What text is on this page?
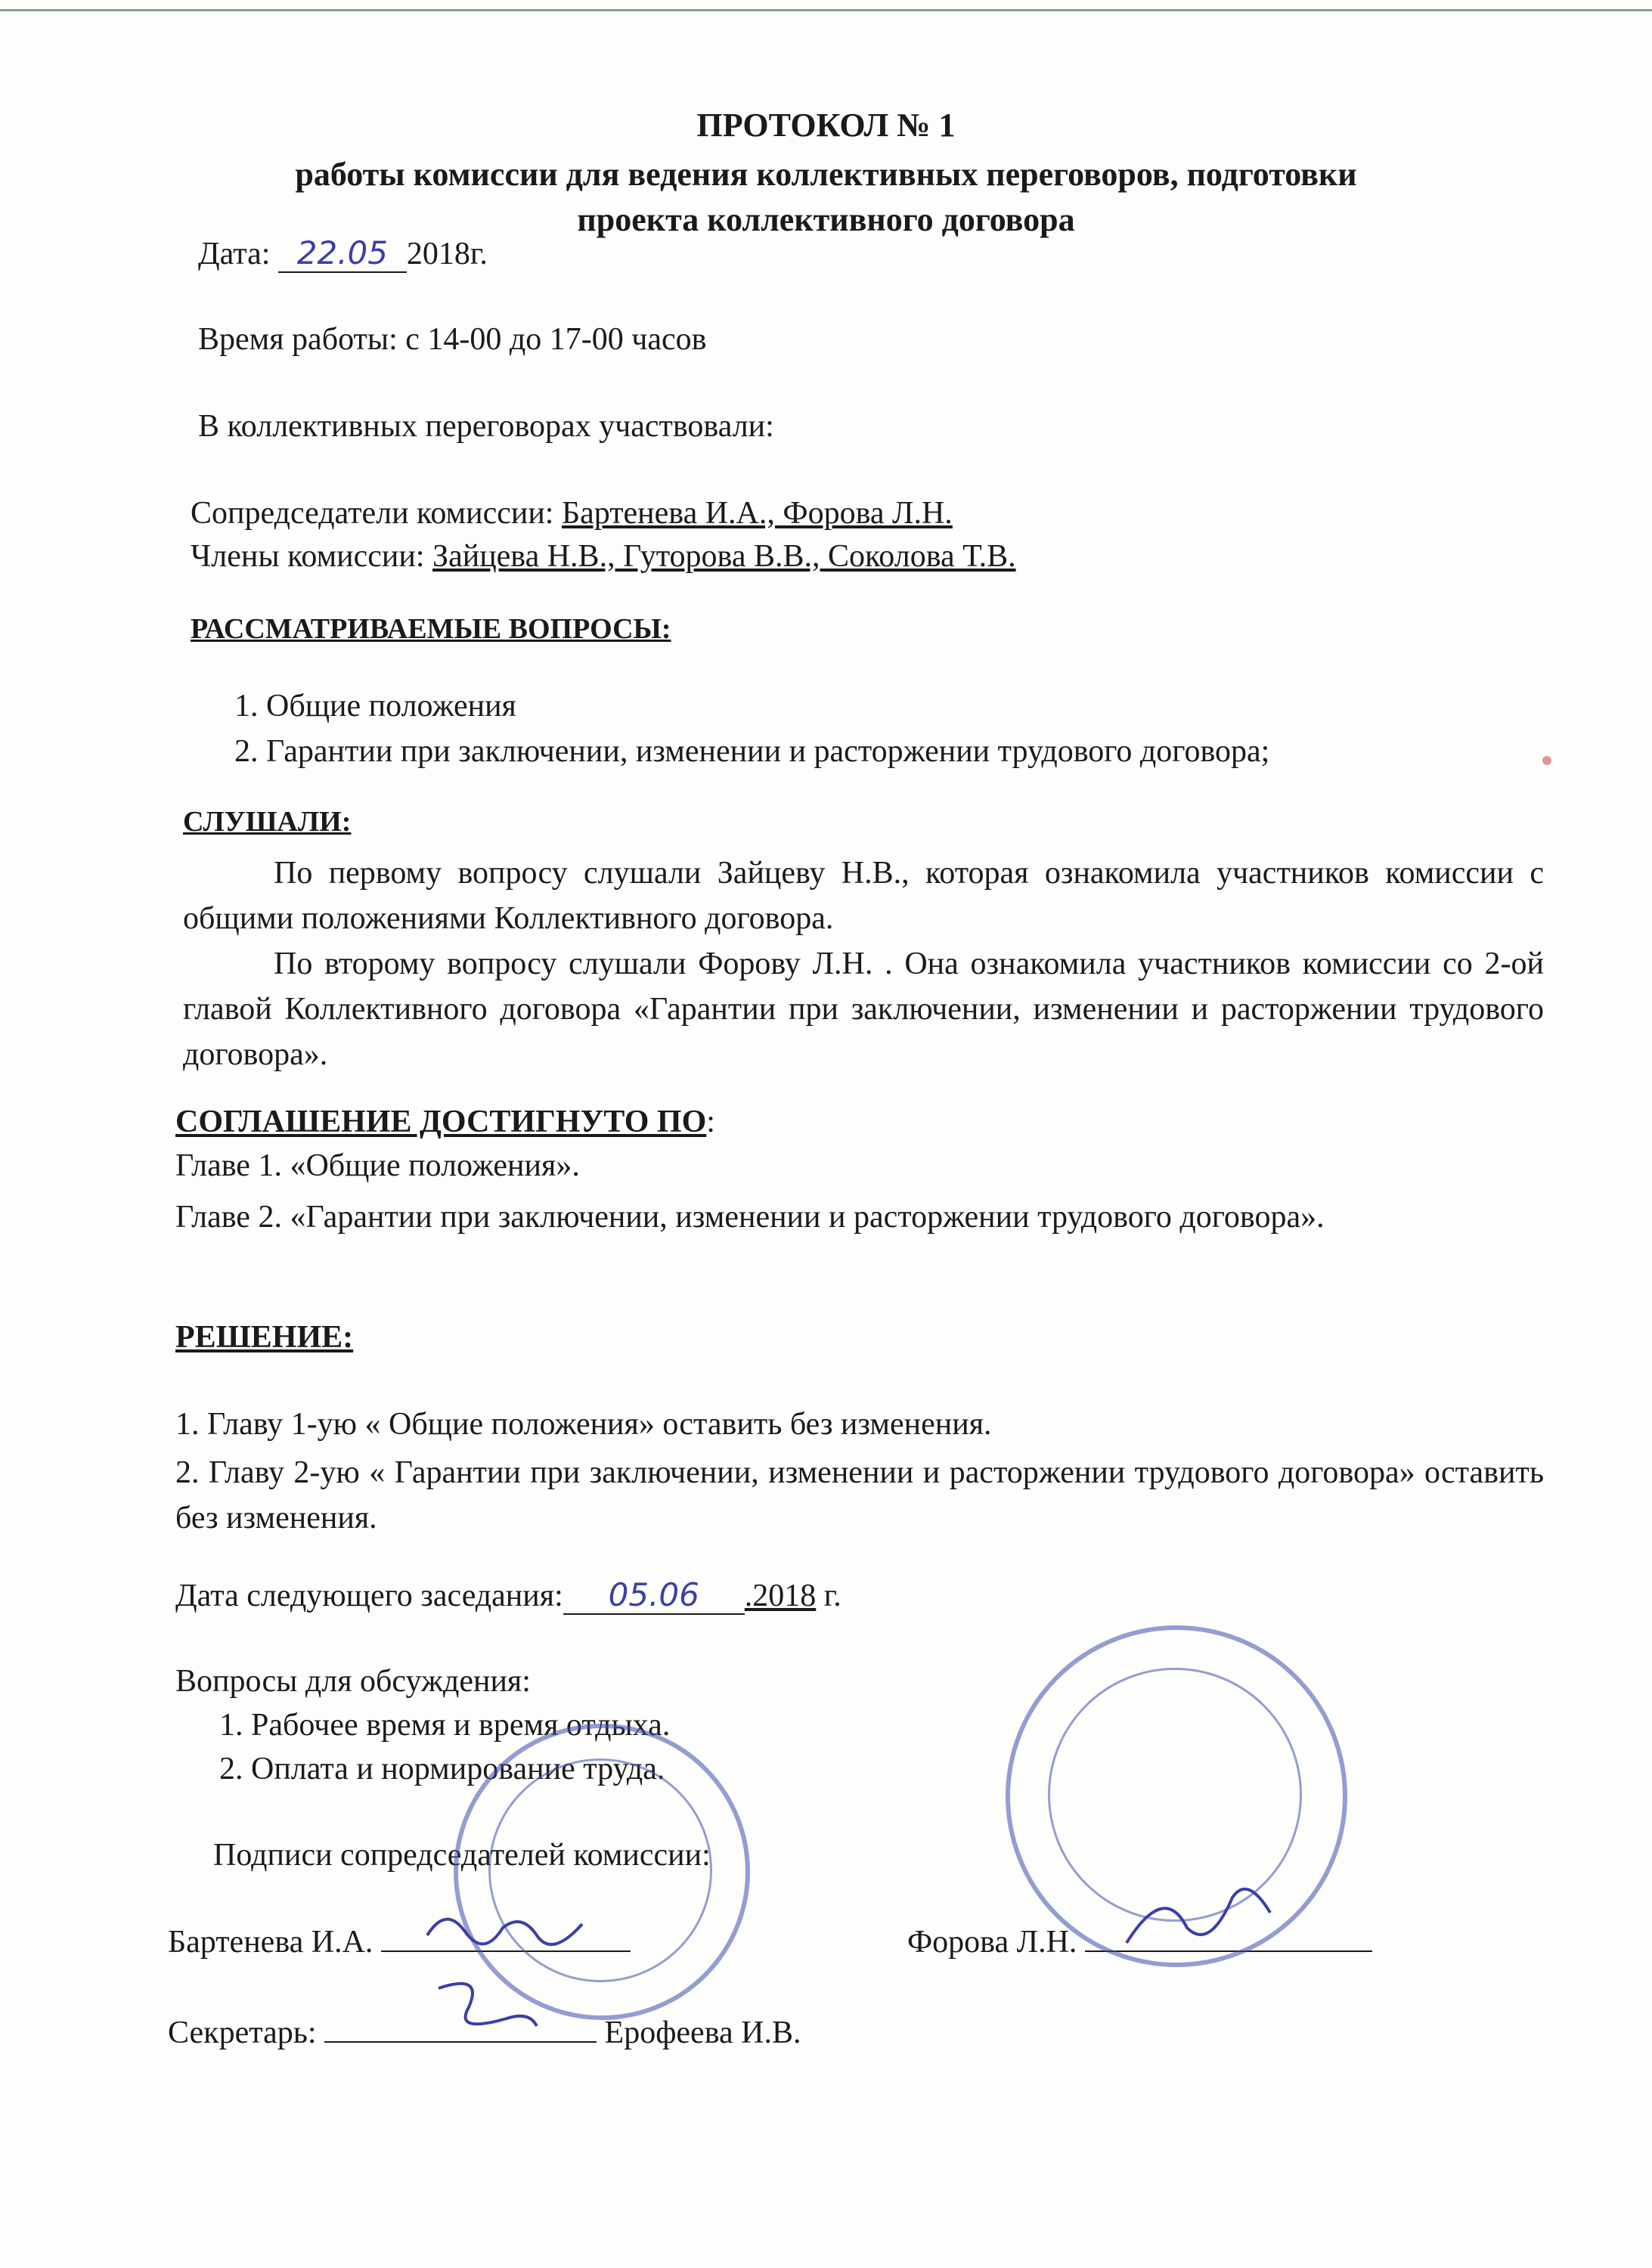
ПРОТОКОЛ № 1
работы комиссии для ведения коллективных переговоров, подготовки
проекта коллективного договора
Дата: 22.05 2018г.
Время работы: с 14-00 до 17-00 часов
В коллективных переговорах участвовали:
Сопредседатели комиссии: Бартенева И.А., Форова Л.Н.
Члены комиссии: Зайцева Н.В., Гуторова В.В., Соколова Т.В.
РАССМАТРИВАЕМЫЕ ВОПРОСЫ:
1. Общие положения
2. Гарантии при заключении, изменении и расторжении трудового договора;
СЛУШАЛИ:
По первому вопросу слушали Зайцеву Н.В., которая ознакомила участников комиссии с общими положениями Коллективного договора.
По второму вопросу слушали Форову Л.Н. . Она ознакомила участников комиссии со 2-ой главой Коллективного договора «Гарантии при заключении, изменении и расторжении трудового договора».
СОГЛАШЕНИЕ ДОСТИГНУТО ПО:
Главе 1. «Общие положения».
Главе 2. «Гарантии при заключении, изменении и расторжении трудового договора».
РЕШЕНИЕ:
1. Главу 1-ую « Общие положения» оставить без изменения.
2. Главу 2-ую « Гарантии при заключении, изменении и расторжении трудового договора» оставить без изменения.
Дата следующего заседания: 05.06 .2018 г.
Вопросы для обсуждения:
1. Рабочее время и время отдыха.
2. Оплата и нормирование труда.
Подписи сопредседателей комиссии:
Бартенева И.А.	Форова Л.Н.
Секретарь:	Ерофеева И.В.
